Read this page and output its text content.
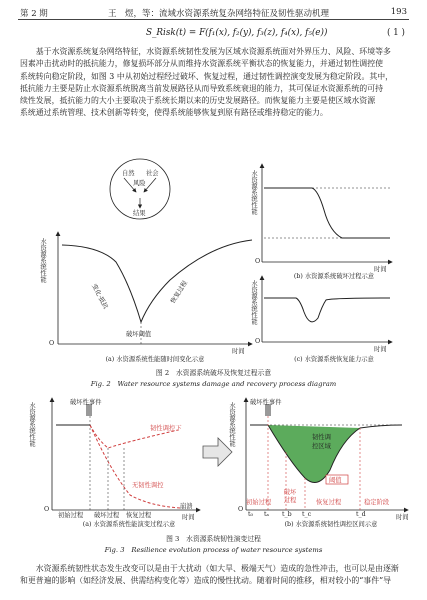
第 2 期	王　煜，等：流域水资源系统复杂网络特征及韧性驱动机理	193
S_Risk(t) = F(f₁(x), f₂(y), f₃(z), f₄(x), f₅(e))	( 1 )
　　基于水资源系统复杂网络特征，水资源系统韧性发展为区域水资源系统面对外界压力、风险、环境等多
因素冲击扰动时的抵抗能力，修复损坏部分从而维持水资源系统平衡状态的恢复能力，并通过韧性调控使
系统转向稳定阶段，如图 3 中从初始过程经过破坏、恢复过程，通过韧性调控演变发展为稳定阶段。其中，
抵抗能力主要是防止水资源系统脱离当前发展路径从而导致系统衰退的能力，其可保证水资源系统的可持
续性发展，抵抗能力的大小主要取决于系统长期以来的历史发展路径。而恢复能力主要是使区域水资源
系统通过系统管理、技术创新等转变，使得系统能够恢复到原有路径或维持稳定的能力。
水资源系统性能
时间
O
自然 社会
风险
结果
变化·抵抗	恢复过程
破坏阈值
(a) 水资源系统性能随时间变化示意
水资源系统性能
时间
O
(b) 水资源系统破坏过程示意
水资源系统性能
时间
O
(c) 水资源系统恢复能力示意
图 2　水资源系统破坏及恢复过程示意
Fig. 2　Water resource systems damage and recovery process diagram
水资源系统性能
时间
O
破坏性事件
韧性调控下
无韧性调控
崩溃
初始过程 破坏过程 恢复过程
(a) 水资源系统性能演变过程示意
水资源系统性能
时间
O
破坏性事件
韧性调
控区域
阈值
初始过程
破坏过程	恢复过程	稳定阶段
t₀ tₐ t_b t_c	t_d
(b) 水资源系统韧性调控区间示意
图 3　水资源系统韧性演变过程
Fig. 3　Resilience evolution process of water resource systems
　　水资源系统韧性状态发生改变可以是由于大扰动（如大旱、极端天气）造成的急性冲击，也可以是由逐渐
和更普遍的影响（如经济发展、供需结构变化等）造成的慢性扰动。随着时间的推移，相对较小的“事件”导
